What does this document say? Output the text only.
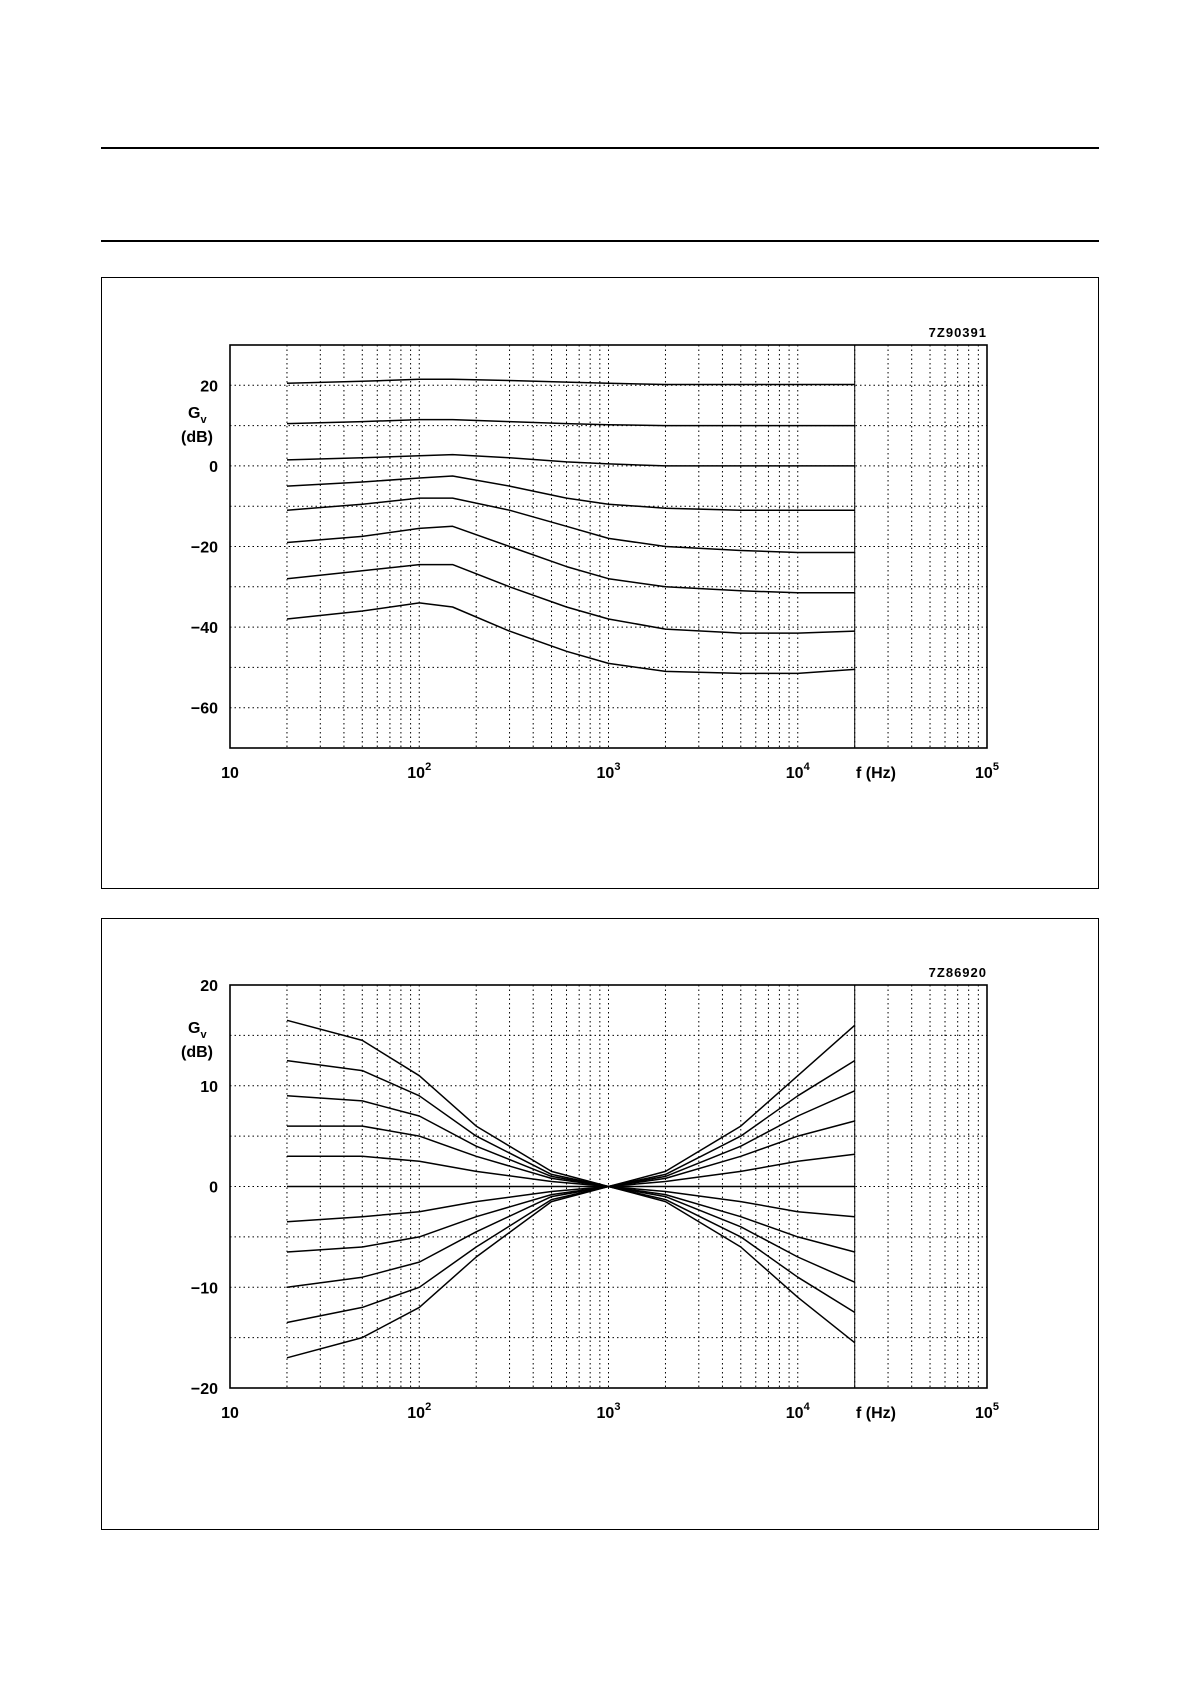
20
0
−20
−40
−60
$G_v$
(dB)
10	$10^2$	$10^3$	$10^4$	$10^5$
f (Hz)
7Z90391
20
10
0
−10
−20
$G_v$
(dB)
10	$10^2$	$10^3$	$10^4$	$10^5$
f (Hz)
7Z86920
